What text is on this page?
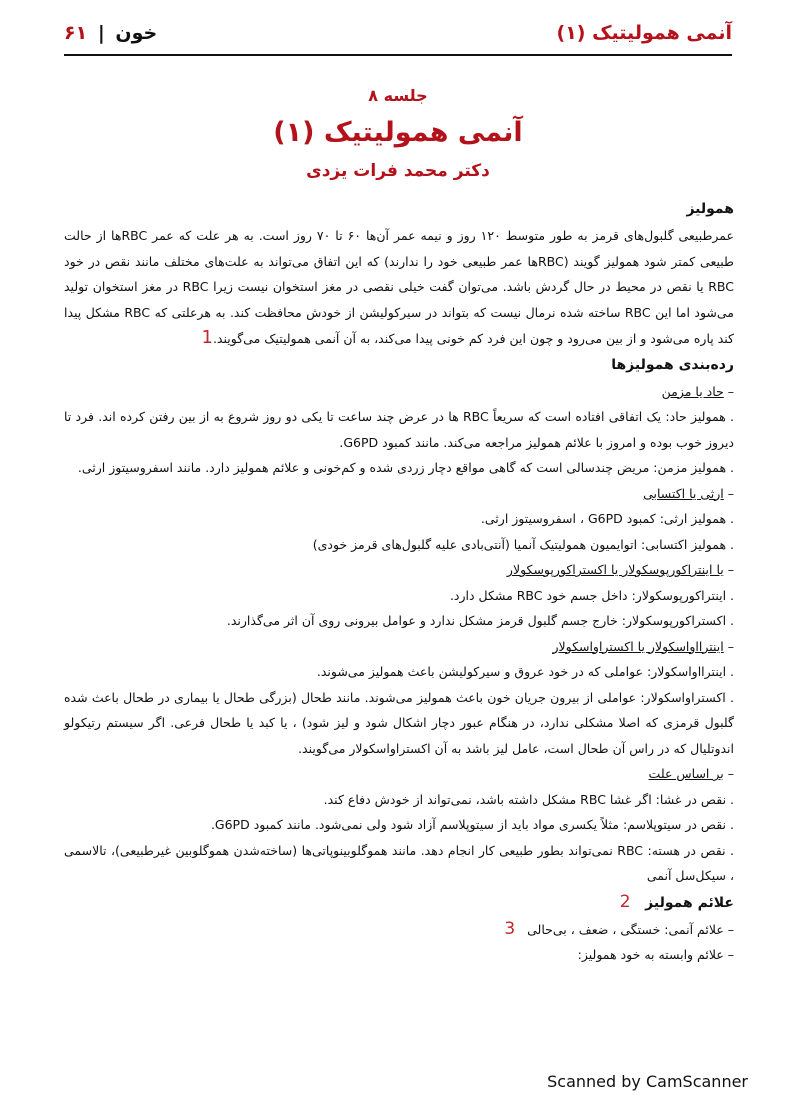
آنمی همولیتیک (۱)
۶۱ | خون
جلسه ۸
آنمی همولیتیک (۱)
دکتر محمد فرات یزدی

همولیز

عمرطبیعی گلبول‌های قرمز به طور متوسط ۱۲۰ روز و نیمه عمر آن‌ها ۶۰ تا ۷۰ روز است. به هر علت که عمر RBCها از حالت طبیعی کمتر شود همولیز گویند (RBCها عمر طبیعی خود را ندارند) که این اتفاق می‌تواند به علت‌های مختلف مانند نقص در خود RBC یا نقص در محیط در حال گردش باشد. می‌توان گفت خیلی نقصی در مغز استخوان نیست زیرا RBC در مغز استخوان تولید می‌شود اما این RBC ساخته شده نرمال نیست که بتواند در سیرکولیشن از خودش محافظت کند. به هرعلتی که RBC مشکل پیدا کند پاره می‌شود و از بین می‌رود و چون این فرد کم خونی پیدا می‌کند، به آن آنمی همولیتیک می‌گویند.1

رده‌بندی همولیزها

– حاد یا مزمن

. همولیز حاد: یک اتفاقی افتاده است که سریعاً RBC ها در عرض چند ساعت تا یکی دو روز شروع به از بین رفتن کرده اند. فرد تا دیروز خوب بوده و امروز با علائم همولیز مراجعه می‌کند. مانند کمبود G6PD.

. همولیز مزمن: مریض چندسالی است که گاهی مواقع دچار زردی شده و کم‌خونی و علائم همولیز دارد. مانند اسفروسیتوز ارثی.

– ارثی یا اکتسابی

. همولیز ارثی: کمبود G6PD ، اسفروسیتوز ارثی.

. همولیز اکتسابی: اتوایمیون همولیتیک آنمیا (آنتی‌بادی علیه گلبول‌های قرمز خودی)

– یا اینتراکورپوسکولار یا اکستراکورپوسکولار

. اینتراکورپوسکولار: داخل جسم خود RBC مشکل دارد.

. اکستراکورپوسکولار: خارج جسم گلبول قرمز مشکل ندارد و عوامل بیرونی روی آن اثر می‌گذارند.

– اینترااواسکولار یا اکستراواسکولار

. اینترااواسکولار: عواملی که در خود عروق و سیرکولیشن باعث همولیز می‌شوند.

. اکستراواسکولار: عواملی از بیرون جریان خون باعث همولیز می‌شوند. مانند طحال (بزرگی طحال یا بیماری در طحال باعث شده گلبول قرمزی که اصلا مشکلی ندارد، در هنگام عبور دچار اشکال شود و لیز شود) ، یا کبد یا طحال فرعی. اگر سیستم رتیکولو اندوتلیال که در راس آن طحال است، عامل لیز باشد به آن اکستراواسکولار می‌گویند.

– بر اساس علت

. نقص در غشا: اگر غشا RBC مشکل داشته باشد، نمی‌تواند از خودش دفاع کند.

. نقص در سیتوپلاسم: مثلاً یکسری مواد باید از سیتوپلاسم آزاد شود ولی نمی‌شود. مانند کمبود G6PD.

. نقص در هسته: RBC نمی‌تواند بطور طبیعی کار انجام دهد. مانند هموگلوبینوپاتی‌ها (ساخته‌شدن هموگلوبین غیرطبیعی)، تالاسمی ، سیکل‌سل آنمی

علائم همولیز   2

– علائم آنمی: خستگی ، ضعف ، بی‌حالی   3

– علائم وابسته به خود همولیز:

Scanned by CamScanner
